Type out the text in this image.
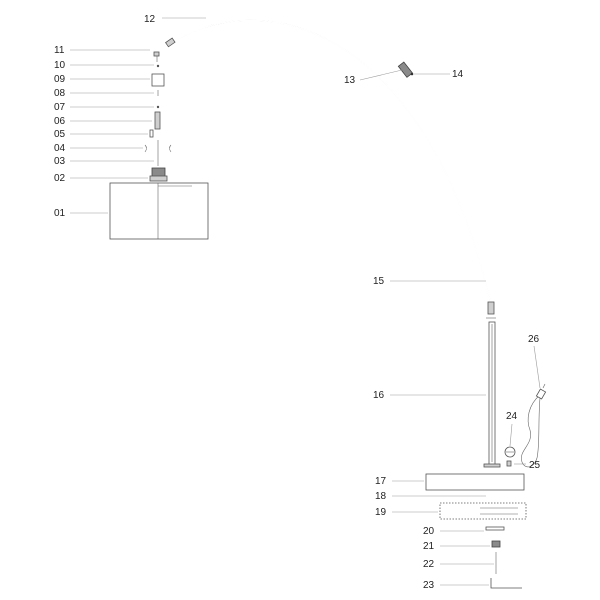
11
10
09
08
07
06
05
04
03
02
01
12
13
14
15
16
17
18
19
20
21
22
23
24
25
26
